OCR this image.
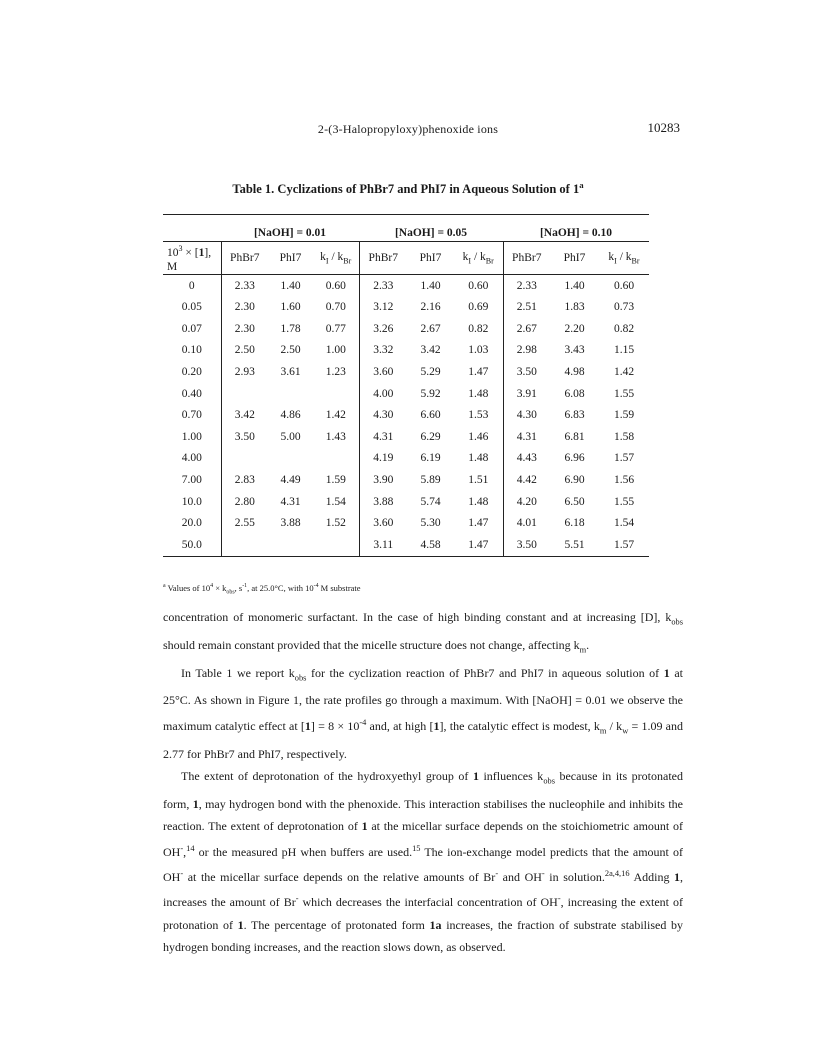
2-(3-Halopropyloxy)phenoxide ions	10283
Table 1. Cyclizations of PhBr7 and PhI7 in Aqueous Solution of 1$^a$
	[NaOH] = 0.01			[NaOH] = 0.05			[NaOH] = 0.10		
$10^3 \times [1]$,
M	PhBr7	PhI7	$k_I / k_{Br}$	PhBr7	PhI7	$k_I / k_{Br}$	PhBr7	PhI7	$k_I / k_{Br}$
0	2.33	1.40	0.60	2.33	1.40	0.60	2.33	1.40	0.60
0.05	2.30	1.60	0.70	3.12	2.16	0.69	2.51	1.83	0.73
0.07	2.30	1.78	0.77	3.26	2.67	0.82	2.67	2.20	0.82
0.10	2.50	2.50	1.00	3.32	3.42	1.03	2.98	3.43	1.15
0.20	2.93	3.61	1.23	3.60	5.29	1.47	3.50	4.98	1.42
0.40				4.00	5.92	1.48	3.91	6.08	1.55
0.70	3.42	4.86	1.42	4.30	6.60	1.53	4.30	6.83	1.59
1.00	3.50	5.00	1.43	4.31	6.29	1.46	4.31	6.81	1.58
4.00				4.19	6.19	1.48	4.43	6.96	1.57
7.00	2.83	4.49	1.59	3.90	5.89	1.51	4.42	6.90	1.56
10.0	2.80	4.31	1.54	3.88	5.74	1.48	4.20	6.50	1.55
20.0	2.55	3.88	1.52	3.60	5.30	1.47	4.01	6.18	1.54
50.0				3.11	4.58	1.47	3.50	5.51	1.57
$^a$ Values of $10^4 \times k_{obs}$, $s^{-1}$, at 25.0°C, with $10^{-4}$ M substrate

concentration of monomeric surfactant. In the case of high binding constant and at increasing [D], $k_{obs}$ should remain constant provided that the micelle structure does not change, affecting $k_m$.

In Table 1 we report $k_{obs}$ for the cyclization reaction of PhBr7 and PhI7 in aqueous solution of 1 at 25°C. As shown in Figure 1, the rate profiles go through a maximum. With [NaOH] = 0.01 we observe the maximum catalytic effect at $[1] = 8 \times 10^{-4}$ and, at high [1], the catalytic effect is modest, $k_m / k_w = 1.09$ and 2.77 for PhBr7 and PhI7, respectively.

The extent of deprotonation of the hydroxyethyl group of 1 influences $k_{obs}$ because in its protonated form, 1, may hydrogen bond with the phenoxide. This interaction stabilises the nucleophile and inhibits the reaction. The extent of deprotonation of 1 at the micellar surface depends on the stoichiometric amount of OH-,$^{14}$ or the measured pH when buffers are used.$^{15}$ The ion-exchange model predicts that the amount of OH- at the micellar surface depends on the relative amounts of Br- and OH- in solution.$^{2a,4,16}$ Adding 1, increases the amount of Br- which decreases the interfacial concentration of OH-, increasing the extent of protonation of 1. The percentage of protonated form 1a increases, the fraction of substrate stabilised by hydrogen bonding increases, and the reaction slows down, as observed.
